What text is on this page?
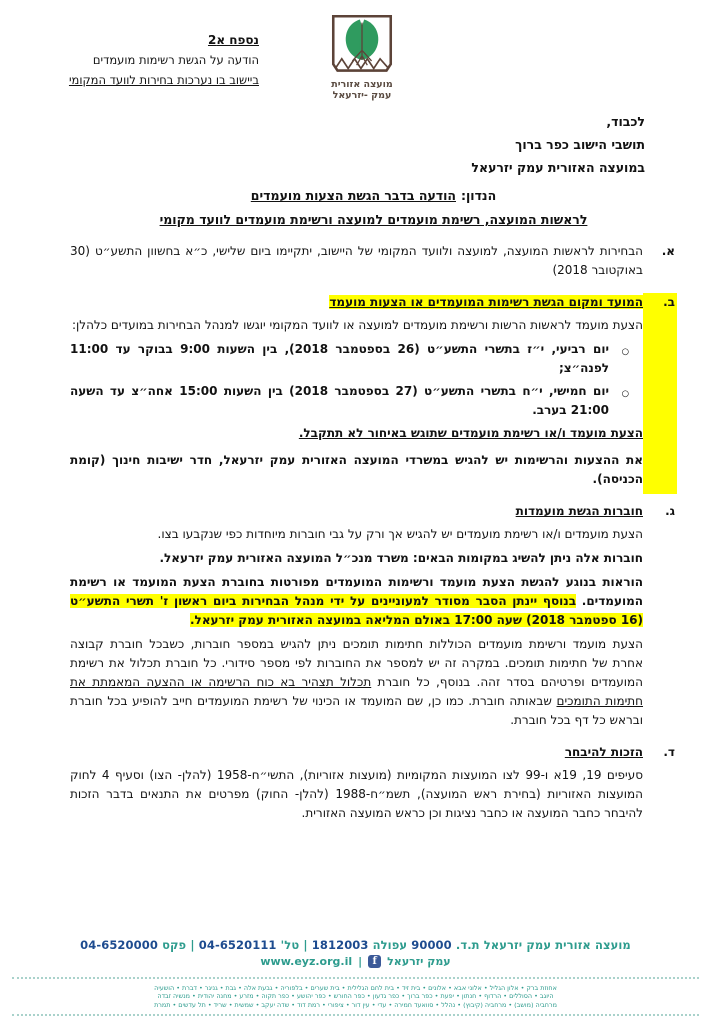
נספח א2
הודעה על הגשת רשימות מועמדים
ביישוב בו נערכות בחירות לוועד המקומי	מועצה אזורית
עמק -יזרעאל
לכבוד,
תושבי הישוב כפר ברוך
במועצה האזורית עמק יזרעאל
הנדון:הודעה בדבר הגשת הצעות מועמדים
לראשות המועצה, רשימת מועמדים למועצה ורשימת מועמדים לוועד מקומי
א.
הבחירות לראשות המועצה, למועצה ולוועד המקומי של היישוב, יתקיימו ביום שלישי, כ״א בחשוון התשע״ט (30 באוקטובר 2018)
ב.
המועד ומקום הגשת רשימות המועמדים או הצעות מועמד
הצעת מועמד לראשות הרשות ורשימת מועמדים למועצה או לוועד המקומי יוגשו למנהל הבחירות במועדים כלהלן:
○
יום רביעי, י״ז בתשרי התשע״ט (26 בספטמבר 2018), בין השעות 9:00 בבוקר עד 11:00 לפנה״צ;
○
יום חמישי, י״ח בתשרי התשע״ט (27 בספטמבר 2018) בין השעות 15:00 אחה״צ עד השעה 21:00 בערב.
הצעת מועמד ו/או רשימת מועמדים שתוגש באיחור לא תתקבל.
את ההצעות והרשימות יש להגיש במשרדי המועצה האזורית עמק יזרעאל, חדר ישיבות חינוך (קומת הכניסה).
ג.
חוברות הגשת מועמדות
הצעת מועמדים ו/או רשימת מועמדים יש להגיש אך ורק על גבי חוברות מיוחדות כפי שנקבעו בצו.
חוברות אלה ניתן להשיג במקומות הבאים: משרד מנכ״ל המועצה האזורית עמק יזרעאל.
הוראות בנוגע להגשת הצעת מועמד ורשימות המועמדים מפורטות בחוברת הצעת המועמד או רשימת המועמדים. בנוסף יינתן הסבר מסודר למעוניינים על ידי מנהל הבחירות ביום ראשון ז' תשרי התשע״ט (16 ספטמבר 2018) שעה 17:00 באולם המליאה במועצה האזורית עמק יזרעאל.
הצעת מועמד ורשימת מועמדים הכוללות חתימות תומכים ניתן להגיש במספר חוברות, כשבכל חוברת קבוצה אחרת של חתימות תומכים. במקרה זה יש למספר את החוברות לפי מספר סידורי. כל חוברת תכלול את רשימת המועמדים ופרטיהם בסדר זהה. בנוסף, כל חוברת תכלול תצהיר בא כוח הרשימה או ההצעה המאמתת את חתימות התומכים שבאותה חוברת. כמו כן, שם המועמד או הכינוי של רשימת המועמדים חייב להופיע בכל חוברת ובראש כל דף בכל חוברת.
ד.
הזכות להיבחר
סעיפים 19, 19א ו-99 לצו המועצות המקומיות (מועצות אזוריות), התשי״ח-1958 (להלן- הצו) וסעיף 4 לחוק המועצות האזוריות (בחירת ראש המועצה), תשמ״ח-1988 (להלן- החוק) מפרטים את התנאים בדבר הזכות להיבחר כחבר המועצה או כחבר נציגות וכן כראש המועצה האזורית.
מועצה אזורית עמק יזרעאל ת.ד. 90000 עפולה 1812003 | טל' 04-6520111 | פקס 04-6520000
עמק יזרעאל
f
|
www.eyz.org.il
אחוזת ברק • אלון הגליל • אלוני אבא • אלונים • בית זיד • בית לחם הגלילית • בית שערים • בלפוריה • גבעת אלה • גבת • גניגר • דברת • הושעיה
היוגב • הסוללים • הרדוף • חנתון • יפעת • כפר ברוך • כפר גדעון • כפר החורש • כפר יהושע • כפר תקוה • מזרע • מחנה יהודית • מנשיה זבדה
מרחביה (מושב) • מרחביה (קיבוץ) • נהלל • סוואעד חמירה • עדי • עין דור • ציפורי • רמת דוד • שדה יעקב • שמשית • שריד • תל עדשים • תמרת
